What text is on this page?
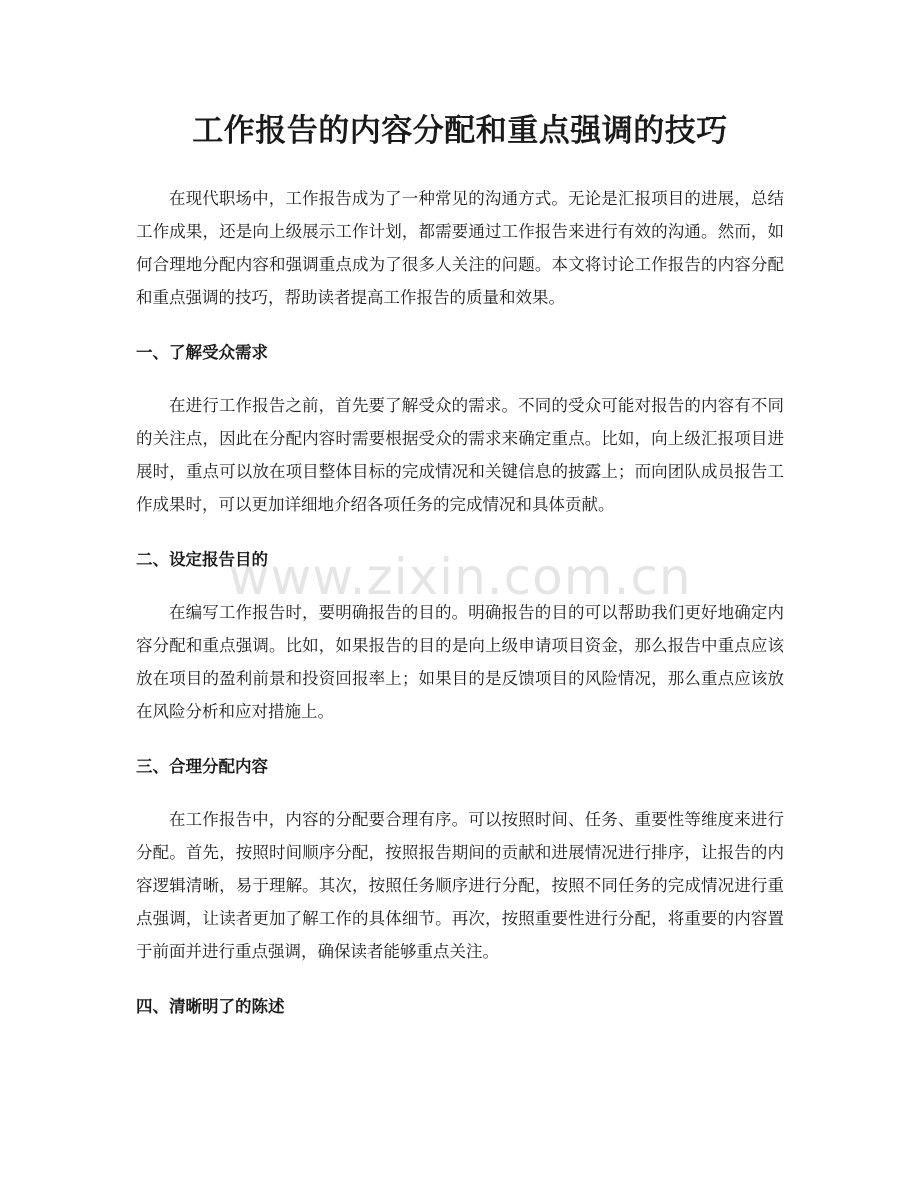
工作报告的内容分配和重点强调的技巧
www.zixin.com.cn

在现代职场中，工作报告成为了一种常见的沟通方式。无论是汇报项目的进展，总结工作成果，还是向上级展示工作计划，都需要通过工作报告来进行有效的沟通。然而，如何合理地分配内容和强调重点成为了很多人关注的问题。本文将讨论工作报告的内容分配和重点强调的技巧，帮助读者提高工作报告的质量和效果。

一、了解受众需求

在进行工作报告之前，首先要了解受众的需求。不同的受众可能对报告的内容有不同的关注点，因此在分配内容时需要根据受众的需求来确定重点。比如，向上级汇报项目进展时，重点可以放在项目整体目标的完成情况和关键信息的披露上；而向团队成员报告工作成果时，可以更加详细地介绍各项任务的完成情况和具体贡献。

二、设定报告目的

在编写工作报告时，要明确报告的目的。明确报告的目的可以帮助我们更好地确定内容分配和重点强调。比如，如果报告的目的是向上级申请项目资金，那么报告中重点应该放在项目的盈利前景和投资回报率上；如果目的是反馈项目的风险情况，那么重点应该放在风险分析和应对措施上。

三、合理分配内容

在工作报告中，内容的分配要合理有序。可以按照时间、任务、重要性等维度来进行分配。首先，按照时间顺序分配，按照报告期间的贡献和进展情况进行排序，让报告的内容逻辑清晰，易于理解。其次，按照任务顺序进行分配，按照不同任务的完成情况进行重点强调，让读者更加了解工作的具体细节。再次，按照重要性进行分配，将重要的内容置于前面并进行重点强调，确保读者能够重点关注。

四、清晰明了的陈述
